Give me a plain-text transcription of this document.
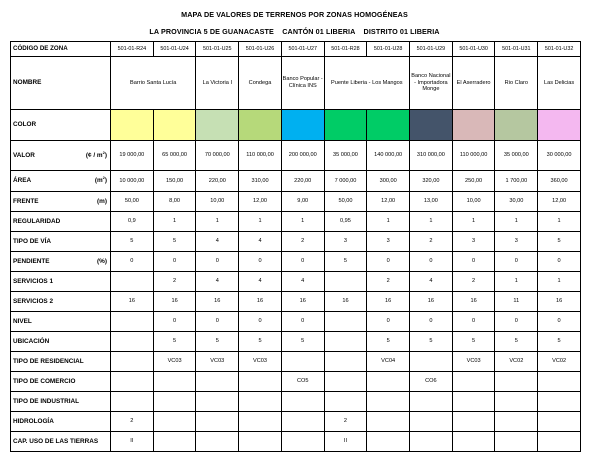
MAPA DE VALORES DE TERRENOS POR ZONAS HOMOGÉNEAS
LA PROVINCIA 5 DE GUANACASTE    CANTÓN 01 LIBERIA    DISTRITO 01 LIBERIA
CÓDIGO DE ZONA	501-01-R24	501-01-U24	501-01-U25	501-01-U26	501-01-U27	501-01-R28	501-01-U28	501-01-U29	501-01-U30	501-01-U31	501-01-U32
NOMBRE	Barrio Santa Lucía		La Victoria I	Condega	Banco Popular - Clínica INS	Puente Liberia - Los Mangos		Banco Nacional - Importadora Monge	El Aserradero	Rio Claro	Las Delicias
COLOR											
VALOR (¢ / $m^2$)	19 000,00	65 000,00	70 000,00	110 000,00	200 000,00	35 000,00	140 000,00	310 000,00	110 000,00	35 000,00	30 000,00
ÁREA $(m^2)$	10 000,00	150,00	220,00	310,00	220,00	7 000,00	300,00	320,00	250,00	1 700,00	360,00
FRENTE (m)	50,00	8,00	10,00	12,00	9,00	50,00	12,00	13,00	10,00	30,00	12,00
REGULARIDAD	0,9	1	1	1	1	0,95	1	1	1	1	1
TIPO DE VÍA	5	5	4	4	2	3	3	2	3	3	5
PENDIENTE (%)	0	0	0	0	0	5	0	0	0	0	0
SERVICIOS 1		2	4	4	4		2	4	2	1	1
SERVICIOS 2	16	16	16	16	16	16	16	16	16	11	16
NIVEL		0	0	0	0		0	0	0	0	0
UBICACIÓN		5	5	5	5		5	5	5	5	5
TIPO DE RESIDENCIAL		VC03	VC03	VC03			VC04		VC03	VC02	VC02
TIPO DE COMERCIO					CO5			CO6			
TIPO DE INDUSTRIAL											
HIDROLOGÍA	2					2					
CAP. USO DE LAS TIERRAS	II					II					
